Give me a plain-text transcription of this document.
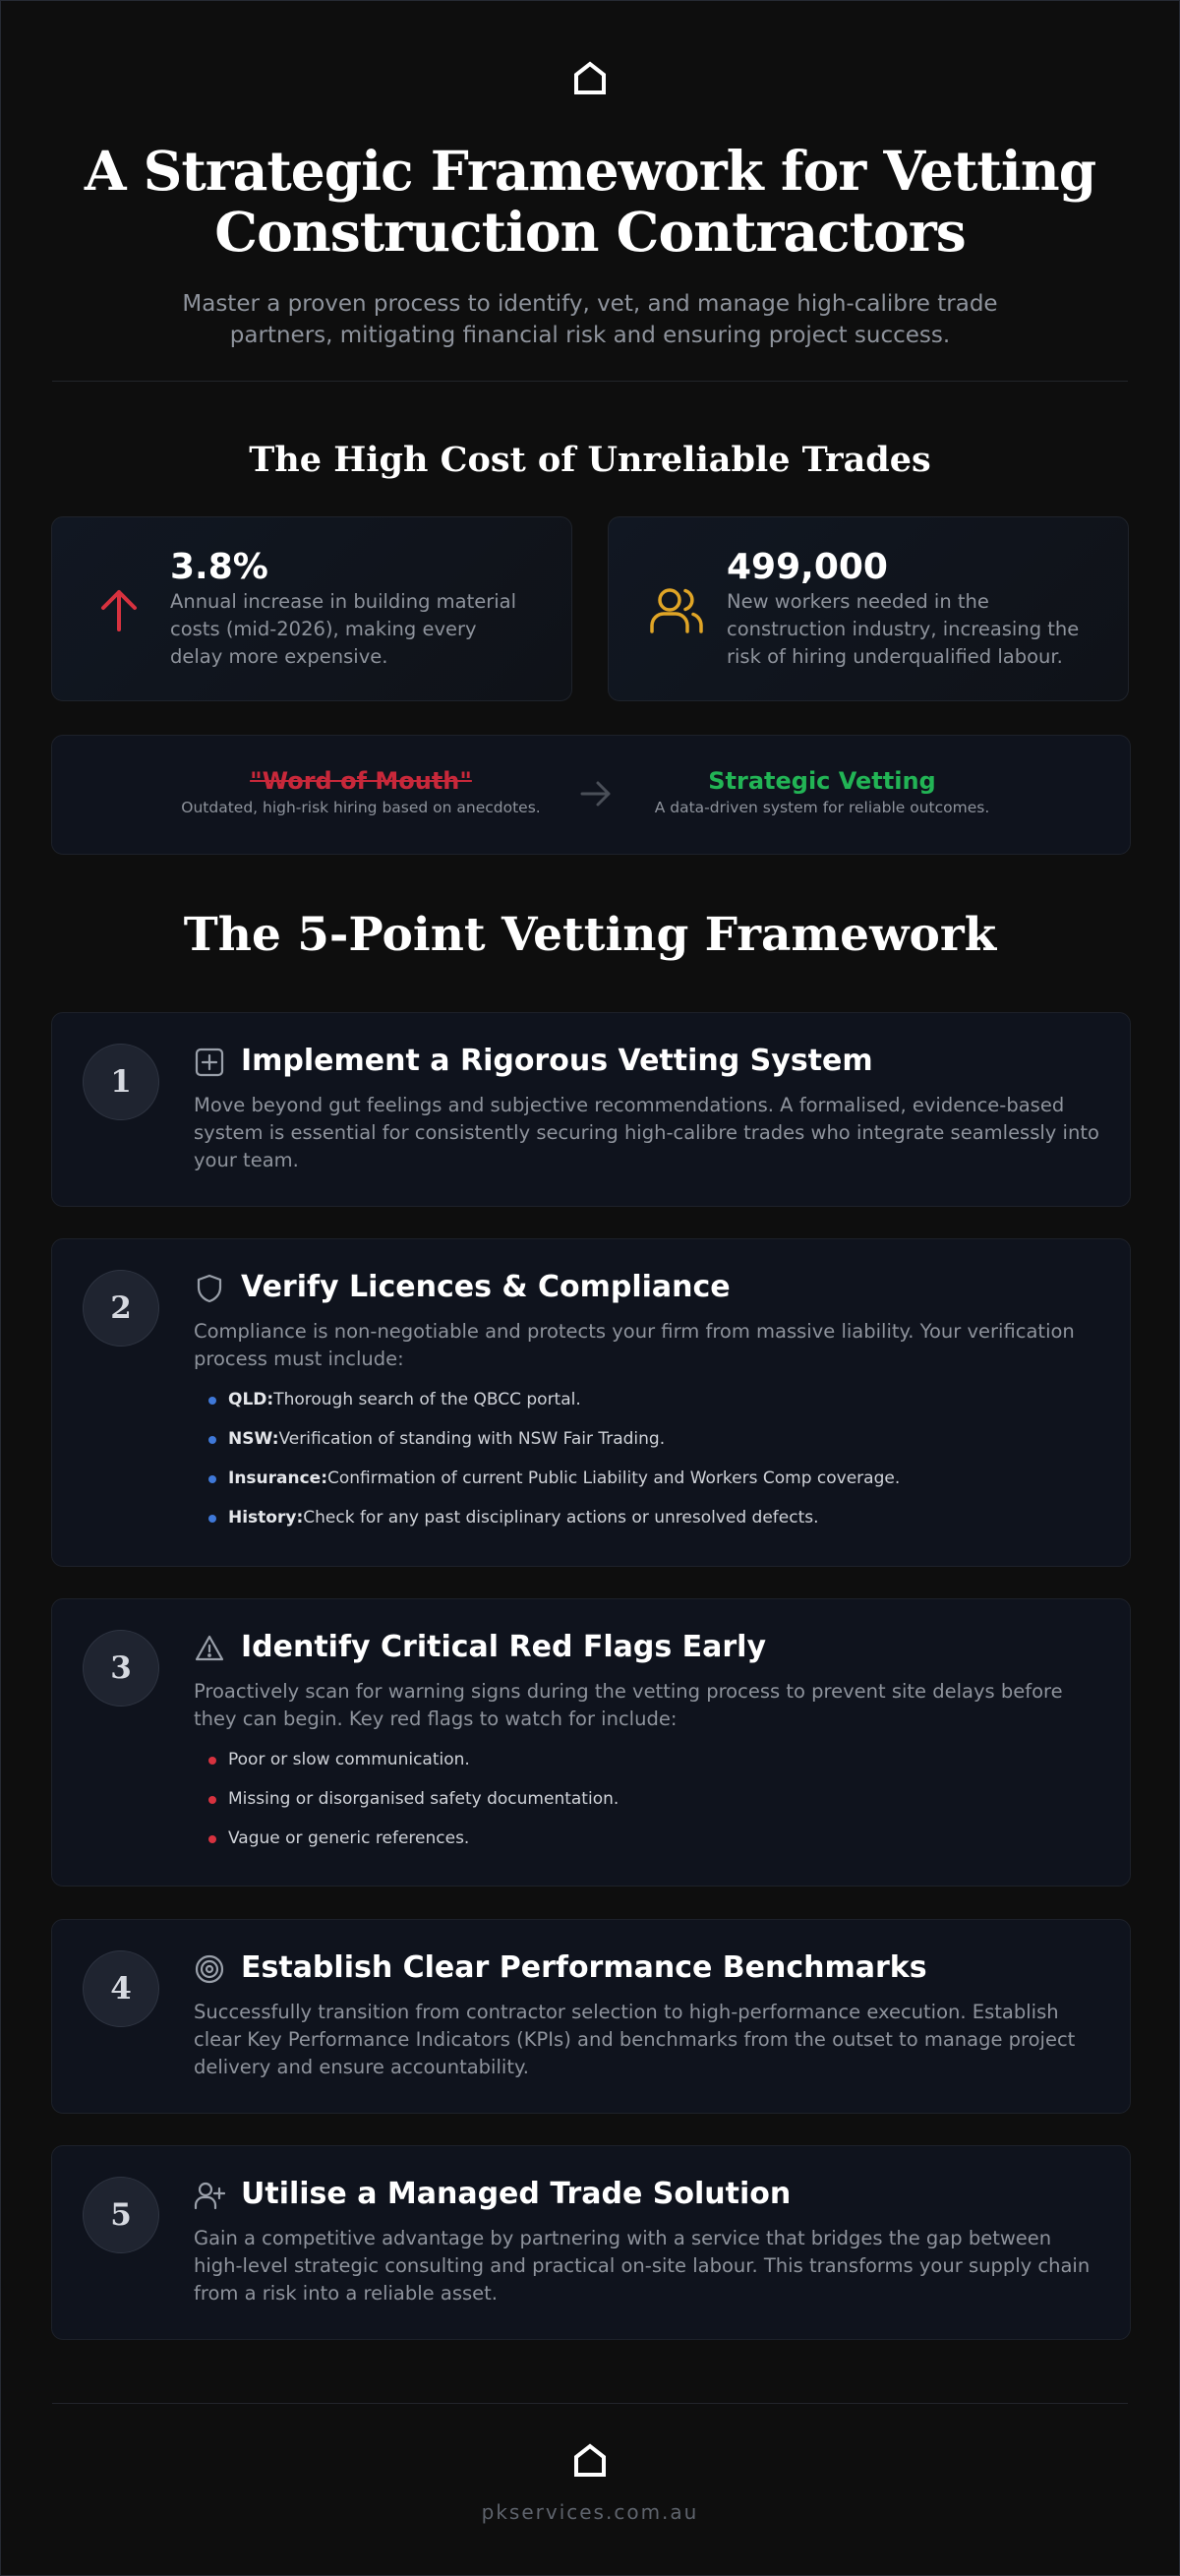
A Strategic Framework for Vetting Construction Contractors
Master a proven process to identify, vet, and manage high-calibre trade partners, mitigating financial risk and ensuring project success.
The High Cost of Unreliable Trades
3.8%
Annual increase in building material costs (mid-2026), making every delay more expensive.
499,000
New workers needed in the construction industry, increasing the risk of hiring underqualified labour.
"Word of Mouth"
Outdated, high-risk hiring based on anecdotes.
Strategic Vetting
A data-driven system for reliable outcomes.
The 5-Point Vetting Framework
1
Implement a Rigorous Vetting System
Move beyond gut feelings and subjective recommendations. A formalised, evidence-based system is essential for consistently securing high-calibre trades who integrate seamlessly into your team.
2
Verify Licences & Compliance
Compliance is non-negotiable and protects your firm from massive liability. Your verification process must include:
QLD:Thorough search of the QBCC portal.
NSW:Verification of standing with NSW Fair Trading.
Insurance:Confirmation of current Public Liability and Workers Comp coverage.
History:Check for any past disciplinary actions or unresolved defects.
3
Identify Critical Red Flags Early
Proactively scan for warning signs during the vetting process to prevent site delays before they can begin. Key red flags to watch for include:
Poor or slow communication.
Missing or disorganised safety documentation.
Vague or generic references.
4
Establish Clear Performance Benchmarks
Successfully transition from contractor selection to high-performance execution. Establish clear Key Performance Indicators (KPIs) and benchmarks from the outset to manage project delivery and ensure accountability.
5
Utilise a Managed Trade Solution
Gain a competitive advantage by partnering with a service that bridges the gap between high-level strategic consulting and practical on-site labour. This transforms your supply chain from a risk into a reliable asset.
pkservices.com.au
